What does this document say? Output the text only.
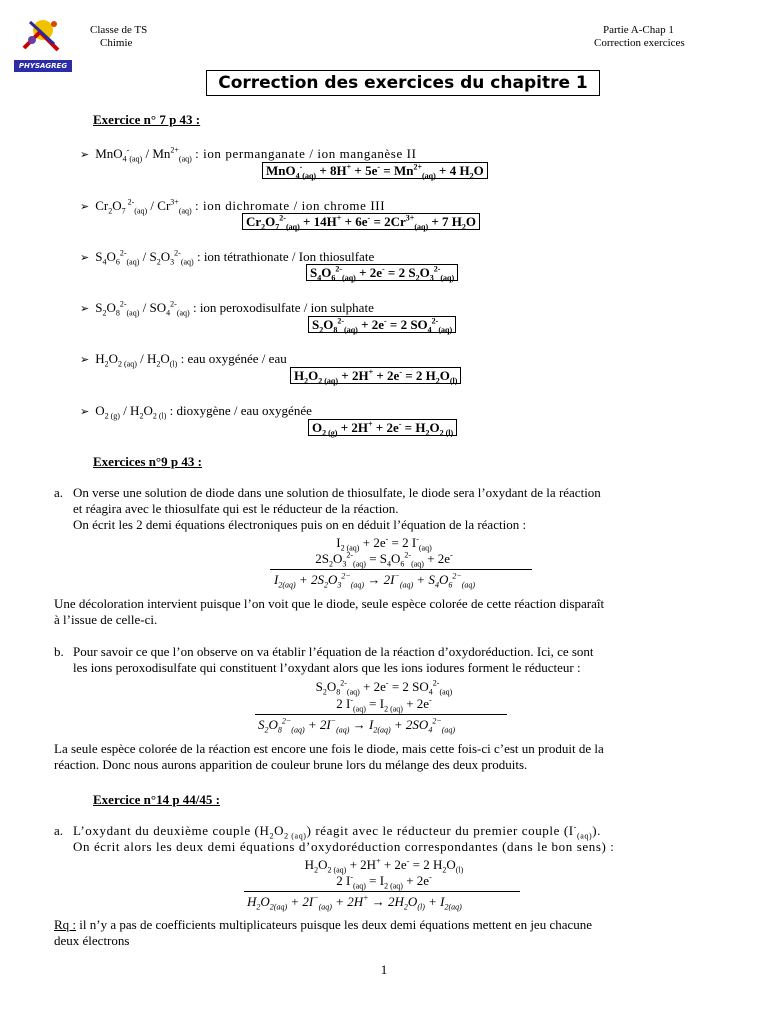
PHYSAGREG
Classe de TS
Chimie
Partie A-Chap 1
Correction exercices
Correction des exercices du chapitre 1
Exercice n° 7 p 43 :
➢ $MnO_4^-_{(aq)} / Mn^{2+}_{(aq)}$ : ion permanganate / ion manganèse II
$MnO_4^-_{(aq)} + 8H^+ + 5e^- = Mn^{2+}_{(aq)} + 4$ $H_2O$
➢ $Cr_2O_7$ $^{2-}_{(aq)} / Cr^{3+}_{(aq)}$ : ion dichromate / ion chrome III
$Cr_2O_7^{2-}_{(aq)} + 14H^+ + 6e^- = 2Cr^{3+}_{(aq)} + 7$ $H_2O$
➢ $S_4O_6^{2-}_{(aq)} / S_2O_3^{2-}_{(aq)}$ : ion tétrathionate / Ion thiosulfate
$S_4O_6^{2-}_{(aq)} + 2e^- = 2$ $S_2O_3^{2-}_{(aq)}$
➢ $S_2O_8^{2-}_{(aq)} / SO_4^{2-}_{(aq)}$ : ion peroxodisulfate / ion sulphate
$S_2O_8^{2-}_{(aq)} + 2e^- = 2$ $SO_4^{2-}_{(aq)}$
➢ $H_2O_{2 (aq)} / H_2O_{(l)}$ : eau oxygénée / eau
$H_2O_{2 (aq)} + 2H^+ + 2e^- = 2$ $H_2O_{(l)}$
➢ $O_{2 (g)} / H_2O_{2 (l)}$ : dioxygène / eau oxygénée
$O_{2 (g)} + 2H^+ + 2e^- = H_2O_{2 (l)}$
Exercices n°9 p 43 :
a. On verse une solution de diode dans une solution de thiosulfate, le diode sera l’oxydant de la réaction
et réagira avec le thiosulfate qui est le réducteur de la réaction.
On écrit les 2 demi équations électroniques puis on en déduit l’équation de la réaction :
$I_{2 (aq)} + 2e^- = 2$ $I^-_{(aq)}$
$2S_2O_3^{2-}_{(aq)} = S_4O_6^{2-}_{(aq)} + 2e^-$
$I_{2(aq)} + 2S_2O_3^{2-}_{(aq)} \to 2I^-_{(aq)} + S_4O_6^{2-}_{(aq)}$
Une décoloration intervient puisque l’on voit que le diode, seule espèce colorée de cette réaction disparaît
à l’issue de celle-ci.
b. Pour savoir ce que l’on observe on va établir l’équation de la réaction d’oxydoréduction. Ici, ce sont
les ions peroxodisulfate qui constituent l’oxydant alors que les ions iodures forment le réducteur :
$S_2O_8^{2-}_{(aq)} + 2e^- = 2$ $SO_4^{2-}_{(aq)}$
2 $I^-_{(aq)} = I_{2 (aq)} + 2e^-$
$S_2O_8^{2-}_{(aq)} + 2I^-_{(aq)} \to I_{2(aq)} + 2SO_4^{2-}_{(aq)}$
La seule espèce colorée de la réaction est encore une fois le diode, mais cette fois-ci c’est un produit de la
réaction. Donc nous aurons apparition de couleur brune lors du mélange des deux produits.
Exercice n°14 p 44/45 :
a. L’oxydant du deuxième couple $(H_2O_{2 (aq)})$ réagit avec le réducteur du premier couple $(I^-_{(aq)})$.
On écrit alors les deux demi équations d’oxydoréduction correspondantes (dans le bon sens) :
$H_2O_{2 (aq)} + 2H^+ + 2e^- = 2$ $H_2O_{(l)}$
2 $I^-_{(aq)} = I_{2 (aq)} + 2e^-$
$H_2O_{2(aq)} + 2I^-_{(aq)} + 2H^+ \to 2H_2O_{(l)} + I_{2(aq)}$
Rq : il n’y a pas de coefficients multiplicateurs puisque les deux demi équations mettent en jeu chacune
deux électrons
1
